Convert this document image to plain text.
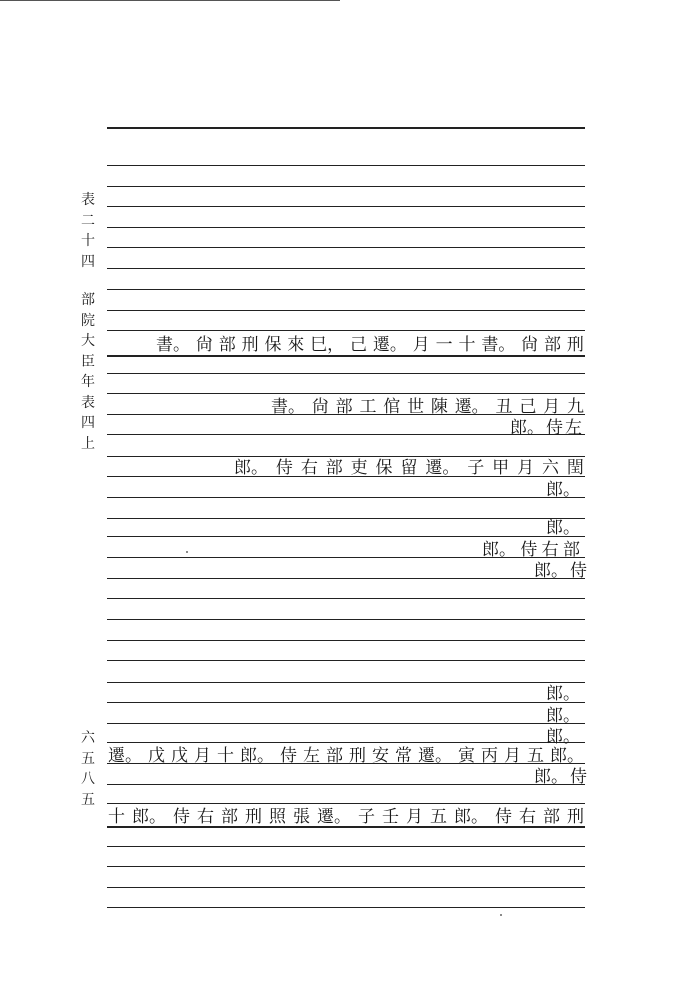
表
二
十
四
部
院
大
臣
年
表
四
上
六
五
八
五
書。 尙 部 刑 保 來 巳， 己 遷。 月 一 十 書。 尙 部 刑
書。 尙 部 工 倌 世 陳 遷。 丑 己 月 九
郎。 侍 左
郎。 侍 右 部 吏 保 留 遷。 子 甲 月 六 閏
郎。
郎。
郎。 侍 右 部
郎。 侍
郎。
郎。
郎。
遷。 戊 戊 月 十 郎。 侍 左 部 刑 安 常 遷。 寅 丙 月 五 郎。
郎。 侍
十 郎。 侍 右 部 刑 照 張 遷。 子 壬 月 五 郎。 侍 右 部 刑
